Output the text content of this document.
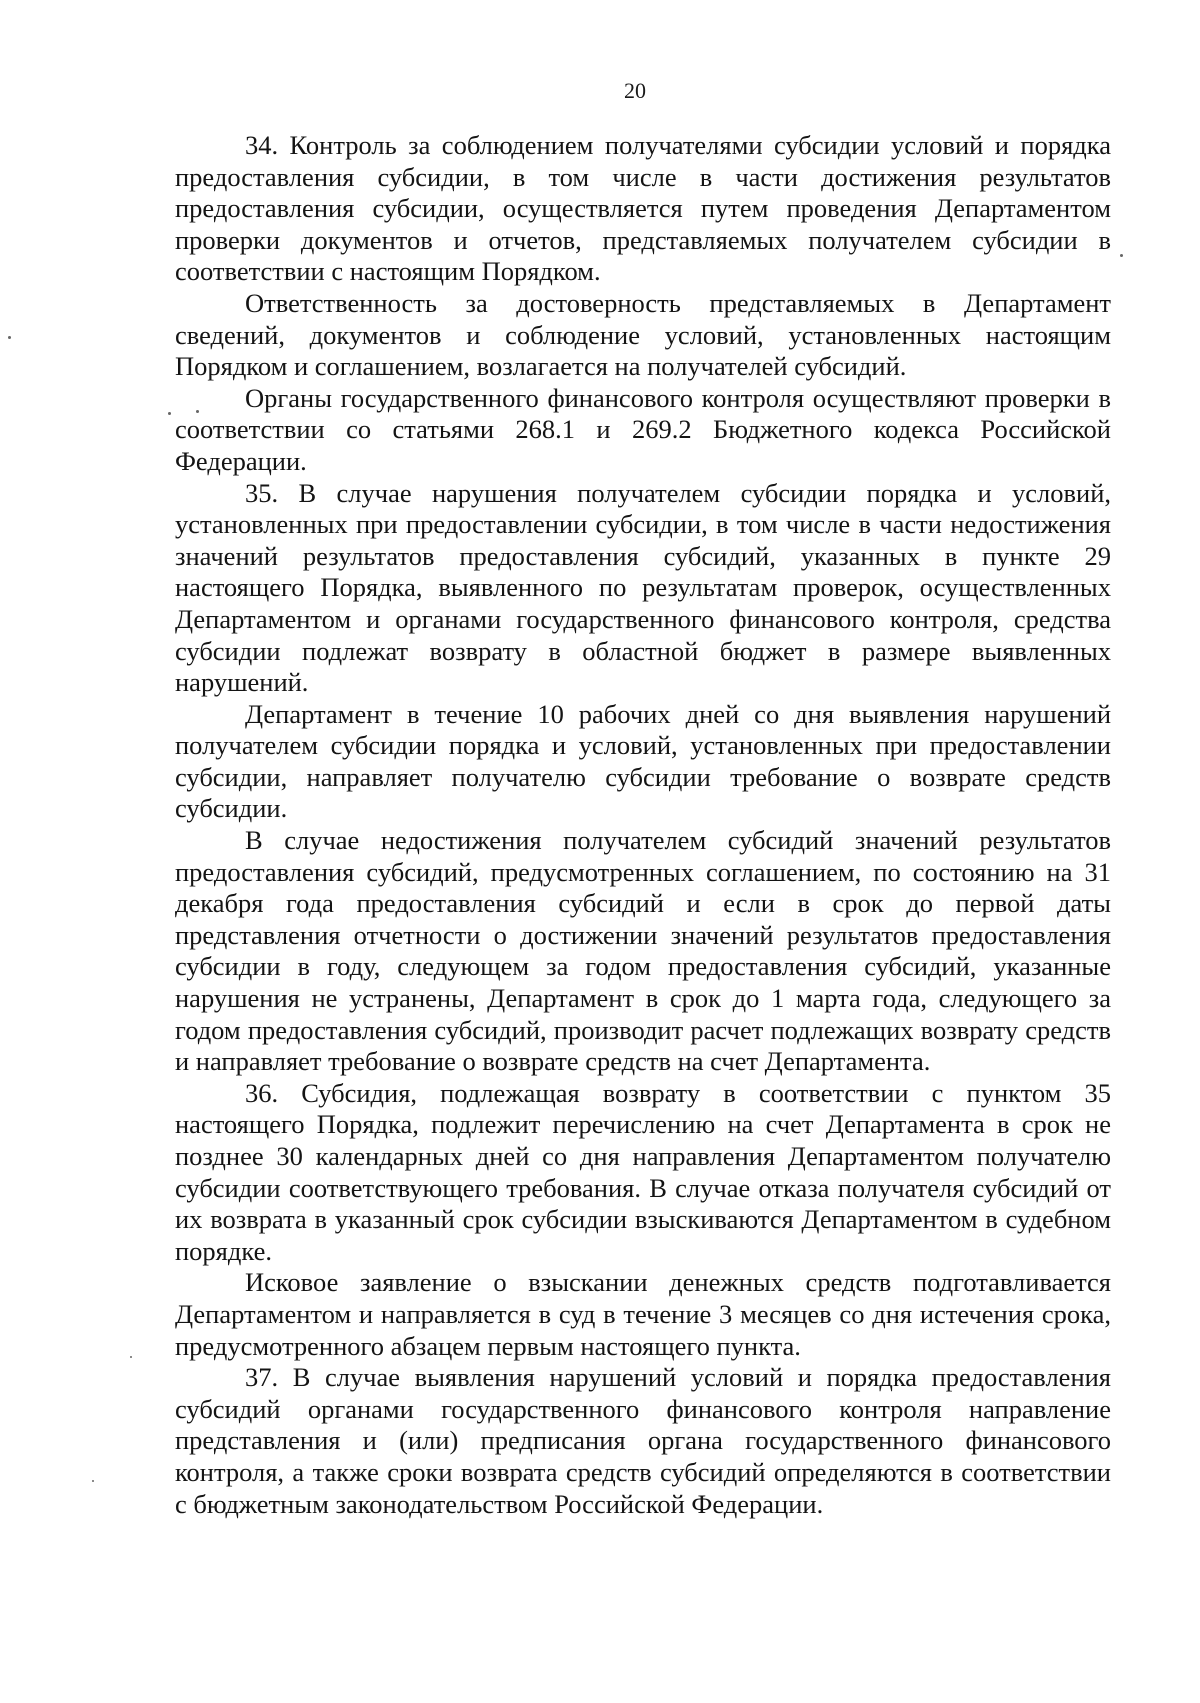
20

34. Контроль за соблюдением получателями субсидии условий и порядка предоставления субсидии, в том числе в части достижения результатов предоставления субсидии, осуществляется путем проведения Департаментом проверки документов и отчетов, представляемых получателем субсидии в соответствии с настоящим Порядком.

Ответственность за достоверность представляемых в Департамент сведений, документов и соблюдение условий, установленных настоящим Порядком и соглашением, возлагается на получателей субсидий.

Органы государственного финансового контроля осуществляют проверки в соответствии со статьями 268.1 и 269.2 Бюджетного кодекса Российской Федерации.

35. В случае нарушения получателем субсидии порядка и условий, установленных при предоставлении субсидии, в том числе в части недостижения значений результатов предоставления субсидий, указанных в пункте 29 настоящего Порядка, выявленного по результатам проверок, осуществленных Департаментом и органами государственного финансового контроля, средства субсидии подлежат возврату в областной бюджет в размере выявленных нарушений.

Департамент в течение 10 рабочих дней со дня выявления нарушений получателем субсидии порядка и условий, установленных при предоставлении субсидии, направляет получателю субсидии требование о возврате средств субсидии.

В случае недостижения получателем субсидий значений результатов предоставления субсидий, предусмотренных соглашением, по состоянию на 31 декабря года предоставления субсидий и если в срок до первой даты представления отчетности о достижении значений результатов предоставления субсидии в году, следующем за годом предоставления субсидий, указанные нарушения не устранены, Департамент в срок до 1 марта года, следующего за годом предоставления субсидий, производит расчет подлежащих возврату средств и направляет требование о возврате средств на счет Департамента.

36. Субсидия, подлежащая возврату в соответствии с пунктом 35 настоящего Порядка, подлежит перечислению на счет Департамента в срок не позднее 30 календарных дней со дня направления Департаментом получателю субсидии соответствующего требования. В случае отказа получателя субсидий от их возврата в указанный срок субсидии взыскиваются Департаментом в судебном порядке.

Исковое заявление о взыскании денежных средств подготавливается Департаментом и направляется в суд в течение 3 месяцев со дня истечения срока, предусмотренного абзацем первым настоящего пункта.

37. В случае выявления нарушений условий и порядка предоставления субсидий органами государственного финансового контроля направление представления и (или) предписания органа государственного финансового контроля, а также сроки возврата средств субсидий определяются в соответствии с бюджетным законодательством Российской Федерации.
